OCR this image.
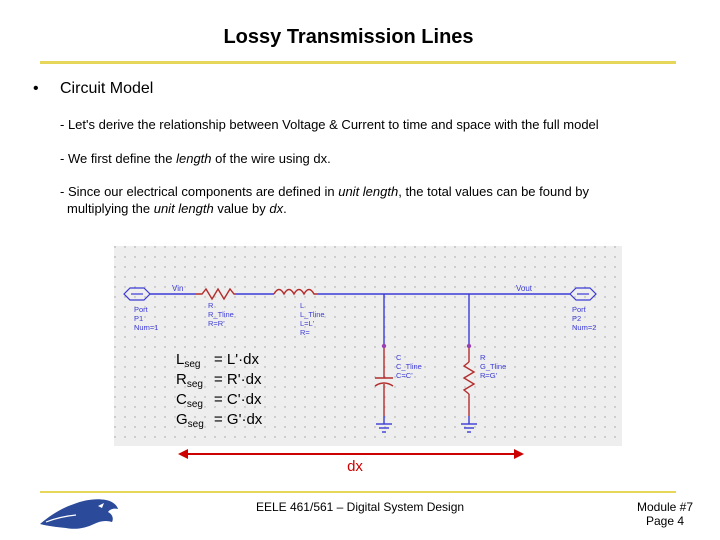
Lossy Transmission Lines
• Circuit Model
- Let's derive the relationship between Voltage & Current to time and space with the full model
- We first define the length of the wire using dx.
- Since our electrical components are defined in unit length, the total values can be found by
multiplying the unit length value by dx.
Vin	Vout
Port
P1
Num=1
Port
P2
Num=2
R
R_Tline
R=R'
L
L_Tline
L=L'
R=
C
C_Tline
C=C'
R
G_Tline
R=G'
$L_{seg} = L'\cdot dx$
$R_{seg} = R'\cdot dx$
$C_{seg} = C'\cdot dx$
$G_{seg} = G'\cdot dx$
dx
EELE 461/561 – Digital System Design	Module #7
Page 4
